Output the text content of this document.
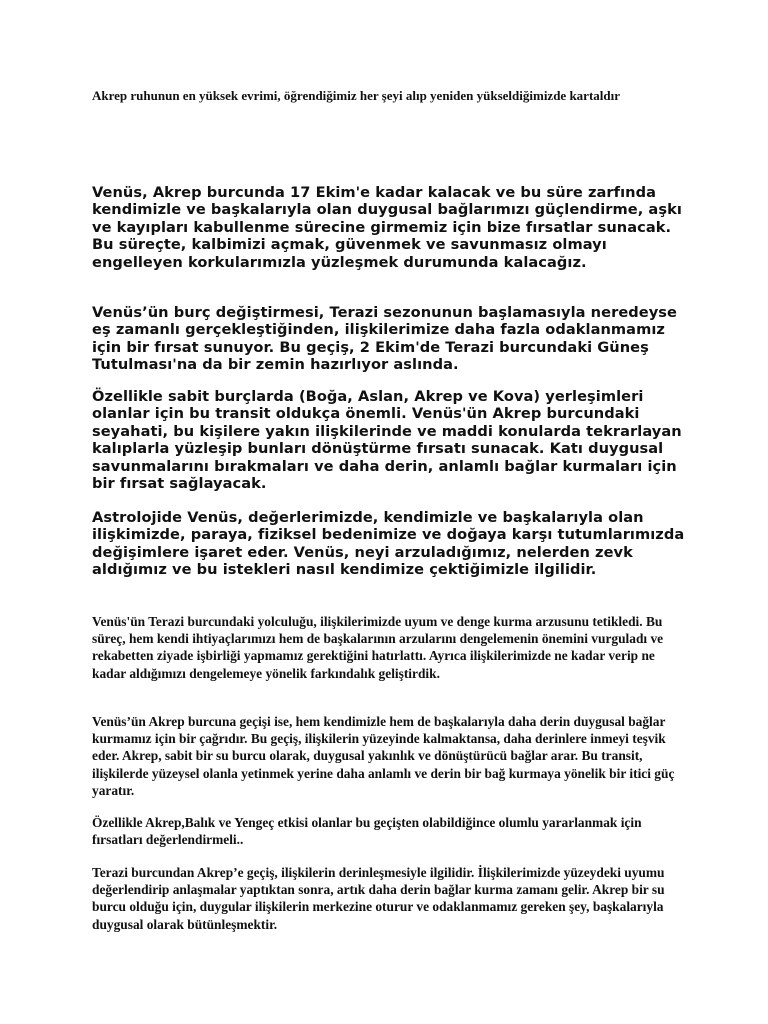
Akrep ruhunun en yüksek evrimi, öğrendiğimiz her şeyi alıp yeniden yükseldiğimizde kartaldır

Venüs, Akrep burcunda 17 Ekim'e kadar kalacak ve bu süre zarfında kendimizle ve başkalarıyla olan duygusal bağlarımızı güçlendirme, aşkı ve kayıpları kabullenme sürecine girmemiz için bize fırsatlar sunacak. Bu süreçte, kalbimizi açmak, güvenmek ve savunmasız olmayı engelleyen korkularımızla yüzleşmek durumunda kalacağız.

Venüs’ün burç değiştirmesi, Terazi sezonunun başlamasıyla neredeyse eş zamanlı gerçekleştiğinden, ilişkilerimize daha fazla odaklanmamız için bir fırsat sunuyor. Bu geçiş, 2 Ekim'de Terazi burcundaki Güneş Tutulması'na da bir zemin hazırlıyor aslında.

Özellikle sabit burçlarda (Boğa, Aslan, Akrep ve Kova) yerleşimleri olanlar için bu transit oldukça önemli. Venüs'ün Akrep burcundaki seyahati, bu kişilere yakın ilişkilerinde ve maddi konularda tekrarlayan kalıplarla yüzleşip bunları dönüştürme fırsatı sunacak. Katı duygusal savunmalarını bırakmaları ve daha derin, anlamlı bağlar kurmaları için bir fırsat sağlayacak.

Astrolojide Venüs, değerlerimizde, kendimizle ve başkalarıyla olan ilişkimizde, paraya, fiziksel bedenimize ve doğaya karşı tutumlarımızda değişimlere işaret eder. Venüs, neyi arzuladığımız, nelerden zevk aldığımız ve bu istekleri nasıl kendimize çektiğimizle ilgilidir.

Venüs'ün Terazi burcundaki yolculuğu, ilişkilerimizde uyum ve denge kurma arzusunu tetikledi. Bu süreç, hem kendi ihtiyaçlarımızı hem de başkalarının arzularını dengelemenin önemini vurguladı ve rekabetten ziyade işbirliği yapmamız gerektiğini hatırlattı. Ayrıca ilişkilerimizde ne kadar verip ne kadar aldığımızı dengelemeye yönelik farkındalık geliştirdik.

Venüs’ün Akrep burcuna geçişi ise, hem kendimizle hem de başkalarıyla daha derin duygusal bağlar kurmamız için bir çağrıdır. Bu geçiş, ilişkilerin yüzeyinde kalmaktansa, daha derinlere inmeyi teşvik eder. Akrep, sabit bir su burcu olarak, duygusal yakınlık ve dönüştürücü bağlar arar. Bu transit, ilişkilerde yüzeysel olanla yetinmek yerine daha anlamlı ve derin bir bağ kurmaya yönelik bir itici güç yaratır.

Özellikle Akrep,Balık ve Yengeç etkisi olanlar bu geçişten olabildiğince olumlu yararlanmak için fırsatları değerlendirmeli..

Terazi burcundan Akrep’e geçiş, ilişkilerin derinleşmesiyle ilgilidir. İlişkilerimizde yüzeydeki uyumu değerlendirip anlaşmalar yaptıktan sonra, artık daha derin bağlar kurma zamanı gelir. Akrep bir su burcu olduğu için, duygular ilişkilerin merkezine oturur ve odaklanmamız gereken şey, başkalarıyla duygusal olarak bütünleşmektir.
